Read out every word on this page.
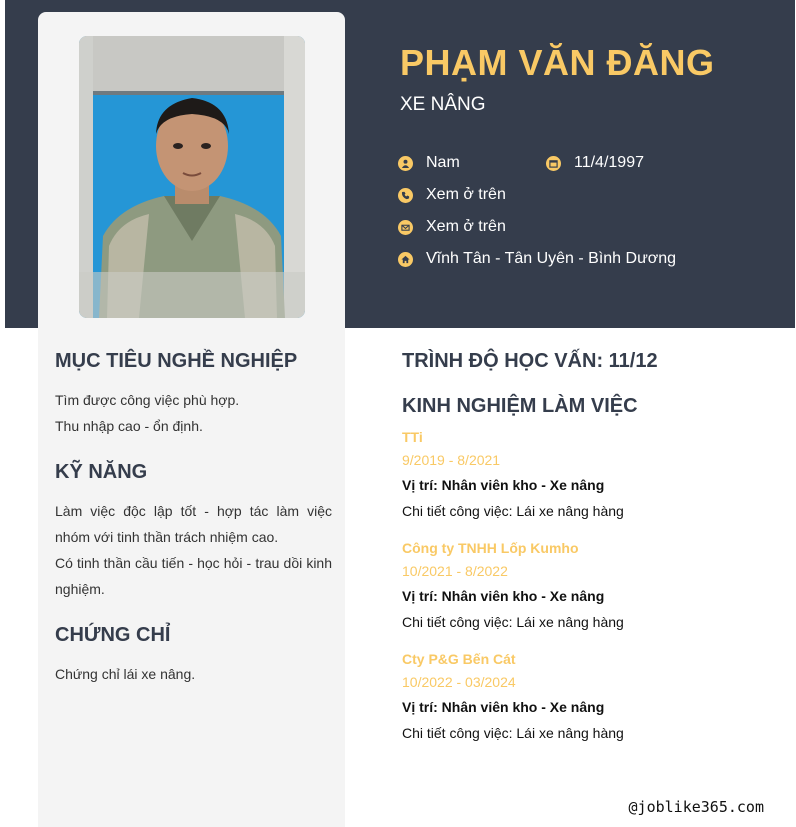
PHẠM VĂN ĐĂNG
XE NÂNG
Nam	11/4/1997
Xem ở trên
Xem ở trên
Vĩnh Tân - Tân Uyên - Bình Dương
MỤC TIÊU NGHỀ NGHIỆP
Tìm được công việc phù hợp.
Thu nhập cao - ổn định.
KỸ NĂNG
Làm việc độc lập tốt - hợp tác làm việc nhóm với tinh thần trách nhiệm cao.
Có tinh thần cầu tiến - học hỏi - trau dồi kinh nghiệm.
CHỨNG CHỈ
Chứng chỉ lái xe nâng.
TRÌNH ĐỘ HỌC VẤN: 11/12
KINH NGHIỆM LÀM VIỆC
TTi
9/2019 - 8/2021
Vị trí: Nhân viên kho - Xe nâng
Chi tiết công việc: Lái xe nâng hàng
Công ty TNHH Lốp Kumho
10/2021 - 8/2022
Vị trí: Nhân viên kho - Xe nâng
Chi tiết công việc: Lái xe nâng hàng
Cty P&G Bến Cát
10/2022 - 03/2024
Vị trí: Nhân viên kho - Xe nâng
Chi tiết công việc: Lái xe nâng hàng
@joblike365.com
